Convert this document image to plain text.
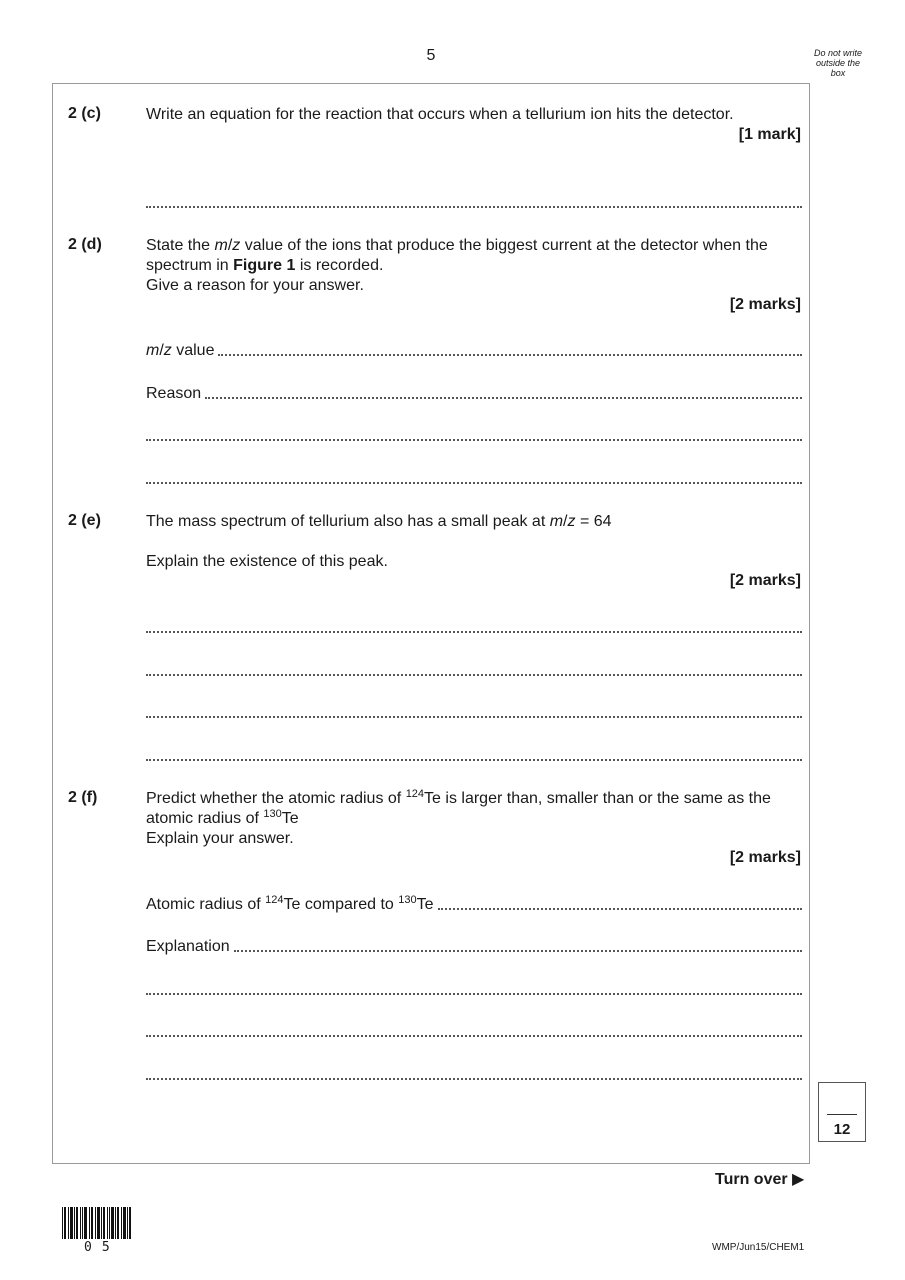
5	Do not write
outside the
box
2 (c)	Write an equation for the reaction that occurs when a tellurium ion hits the detector.
[1 mark]
2 (d)	State the m/z value of the ions that produce the biggest current at the detector when the spectrum in Figure 1 is recorded.
Give a reason for your answer.
[2 marks]
m/z value
Reason
2 (e)	The mass spectrum of tellurium also has a small peak at m/z = 64
Explain the existence of this peak.
[2 marks]
2 (f)	Predict whether the atomic radius of $^{124}$Te is larger than, smaller than or the same as the atomic radius of $^{130}$Te
Explain your answer.
[2 marks]
Atomic radius of $^{124}$Te compared to $^{130}$Te
Explanation
12
Turn over ▶
05	WMP/Jun15/CHEM1
